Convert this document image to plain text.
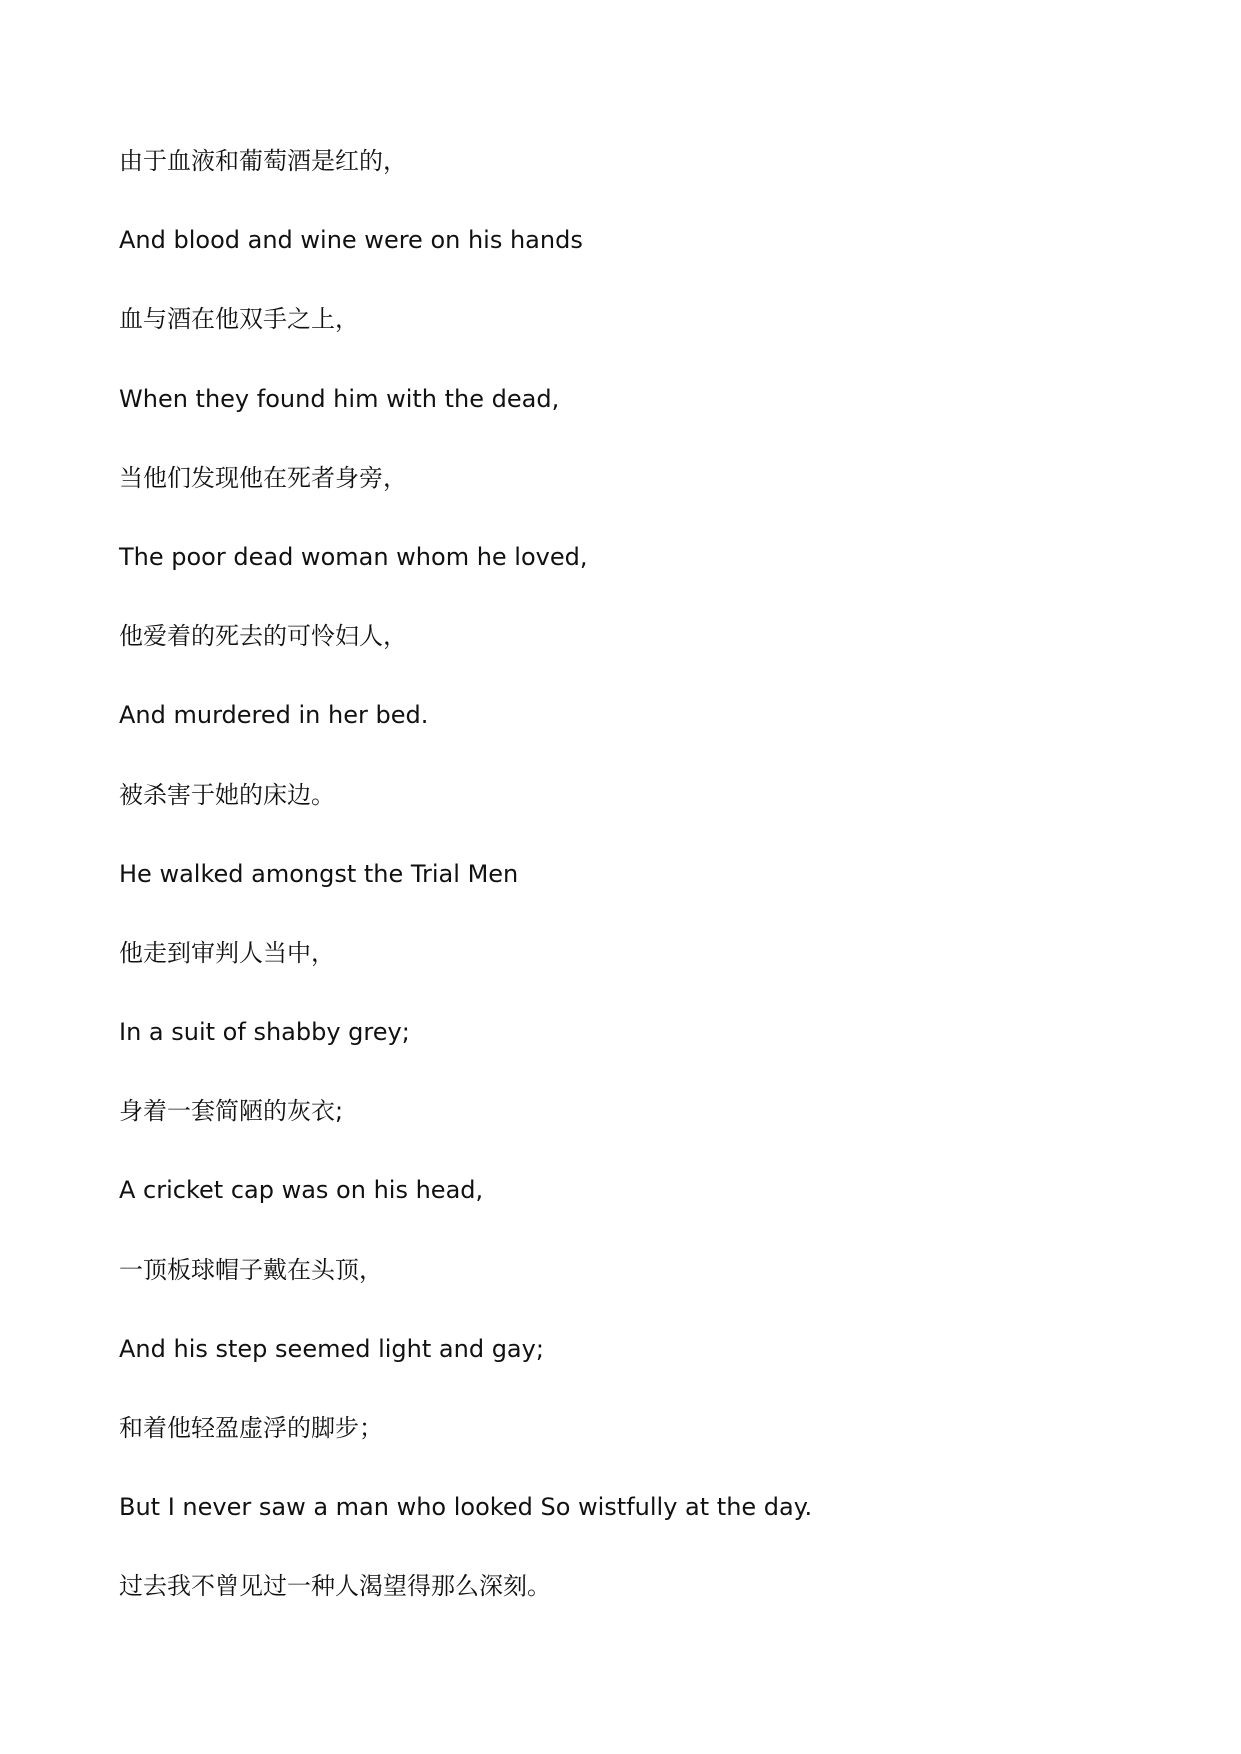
由于血液和葡萄酒是红的，

And blood and wine were on his hands

血与酒在他双手之上，

When they found him with the dead,

当他们发现他在死者身旁，

The poor dead woman whom he loved,

他爱着的死去的可怜妇人，

And murdered in her bed.

被杀害于她的床边。

He walked amongst the Trial Men

他走到审判人当中，

In a suit of shabby grey;

身着一套简陋的灰衣;

A cricket cap was on his head,

一顶板球帽子戴在头顶，

And his step seemed light and gay;

和着他轻盈虚浮的脚步；

But I never saw a man who looked So wistfully at the day.

过去我不曾见过一种人渴望得那么深刻。
